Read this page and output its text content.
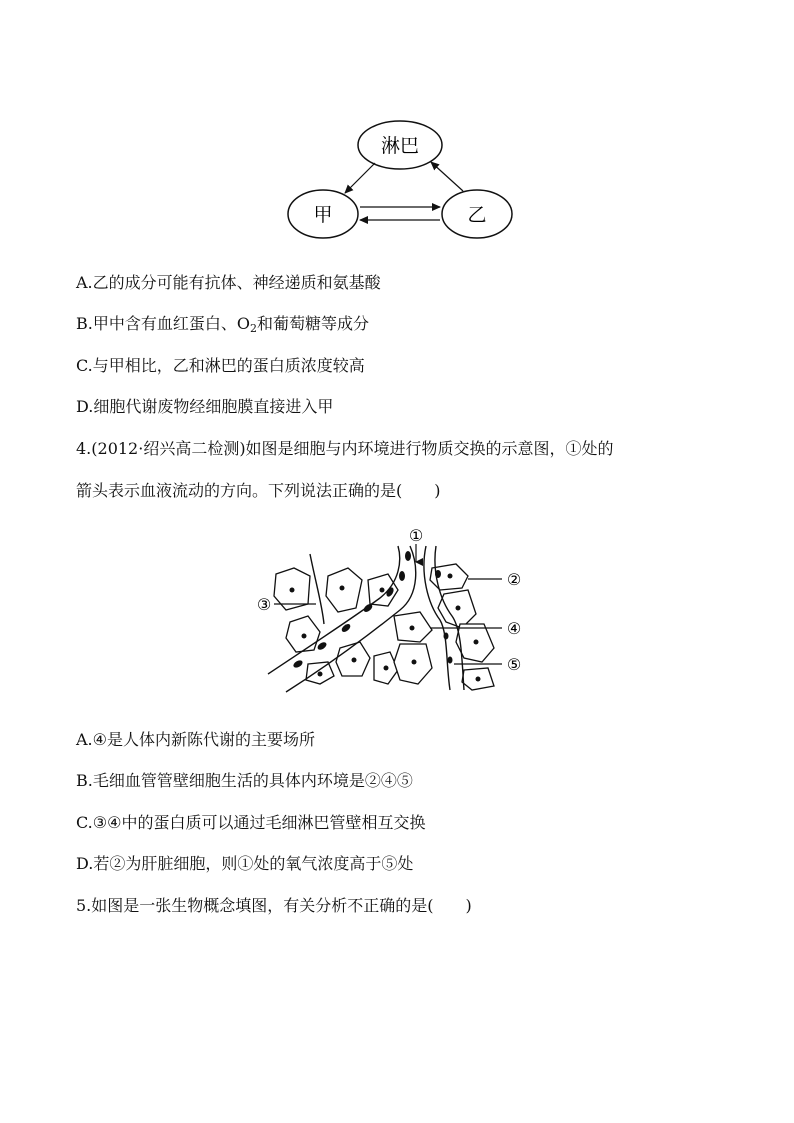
淋巴
甲	乙
A.乙的成分可能有抗体、神经递质和氨基酸
B.甲中含有血红蛋白、$O_2$和葡萄糖等成分
C.与甲相比，乙和淋巴的蛋白质浓度较高
D.细胞代谢废物经细胞膜直接进入甲
4.(2012·绍兴高二检测)如图是细胞与内环境进行物质交换的示意图，①处的
箭头表示血液流动的方向。下列说法正确的是(　　)
①
②
③
④
⑤
A.④是人体内新陈代谢的主要场所
B.毛细血管管壁细胞生活的具体内环境是②④⑤
C.③④中的蛋白质可以通过毛细淋巴管壁相互交换
D.若②为肝脏细胞，则①处的氧气浓度高于⑤处
5.如图是一张生物概念填图，有关分析不正确的是(　　)
